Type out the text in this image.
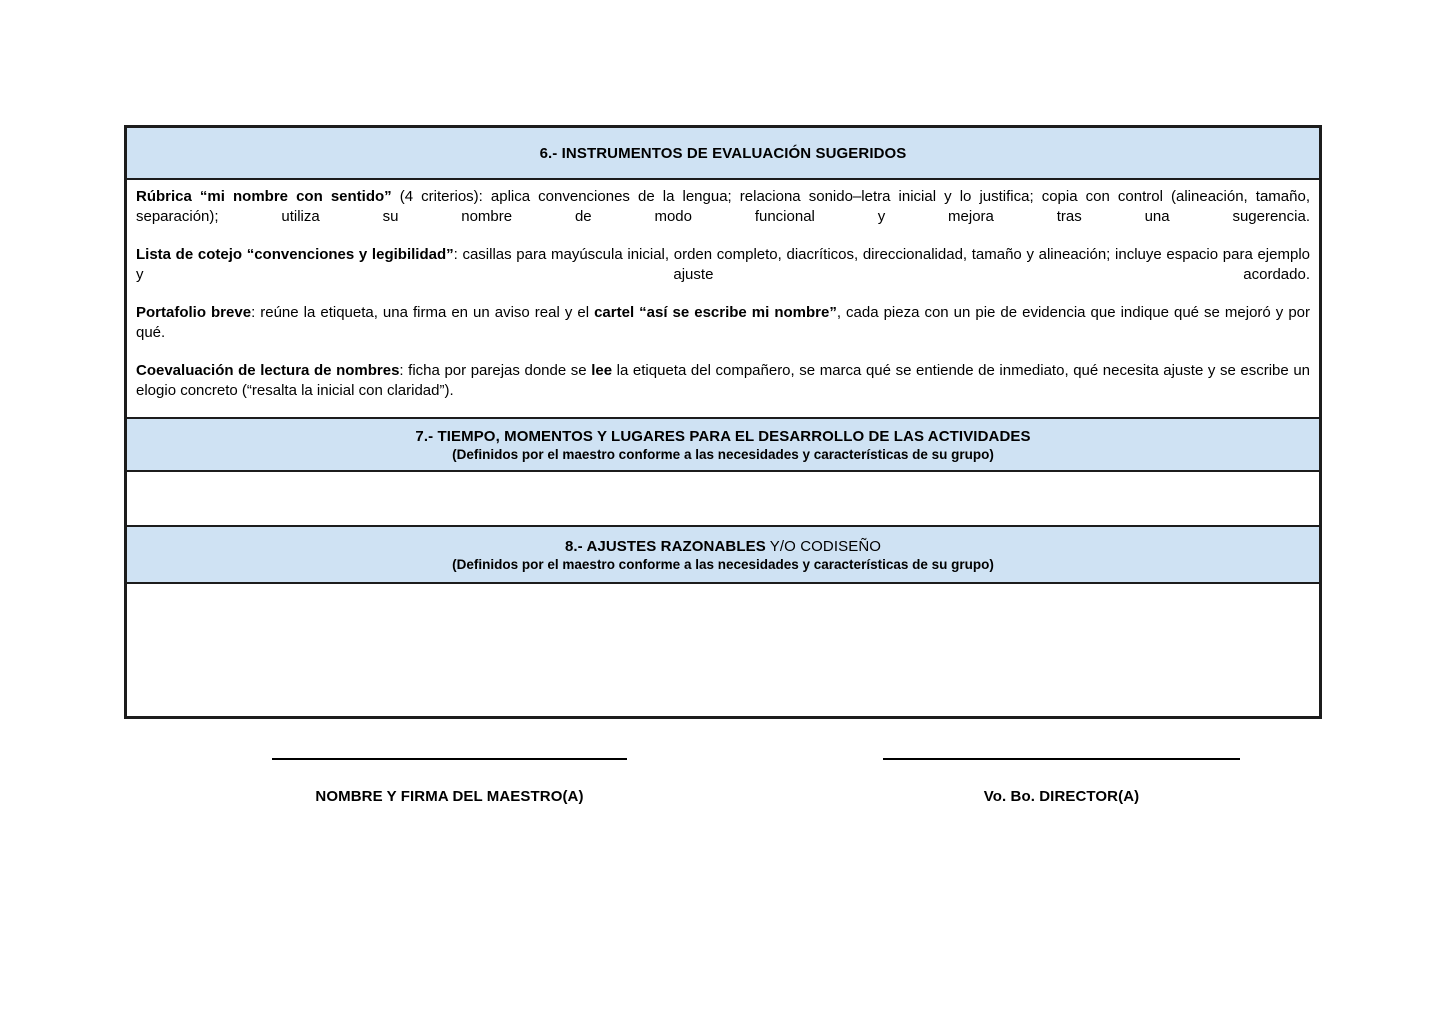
6.- INSTRUMENTOS DE EVALUACIÓN SUGERIDOS

Rúbrica “mi nombre con sentido” (4 criterios): aplica convenciones de la lengua; relaciona sonido–letra inicial y lo justifica; copia con control (alineación, tamaño, separación); utiliza su nombre de modo funcional y mejora tras una sugerencia.

Lista de cotejo “convenciones y legibilidad”: casillas para mayúscula inicial, orden completo, diacríticos, direccionalidad, tamaño y alineación; incluye espacio para ejemplo y ajuste acordado.

Portafolio breve: reúne la etiqueta, una firma en un aviso real y el cartel “así se escribe mi nombre”, cada pieza con un pie de evidencia que indique qué se mejoró y por qué.

Coevaluación de lectura de nombres: ficha por parejas donde se lee la etiqueta del compañero, se marca qué se entiende de inmediato, qué necesita ajuste y se escribe un elogio concreto (“resalta la inicial con claridad”).

7.- TIEMPO, MOMENTOS Y LUGARES PARA EL DESARROLLO DE LAS ACTIVIDADES
(Definidos por el maestro conforme a las necesidades y características de su grupo)
8.- AJUSTES RAZONABLES Y/O CODISEÑO
(Definidos por el maestro conforme a las necesidades y características de su grupo)
NOMBRE Y FIRMA DEL MAESTRO(A)	Vo. Bo. DIRECTOR(A)
